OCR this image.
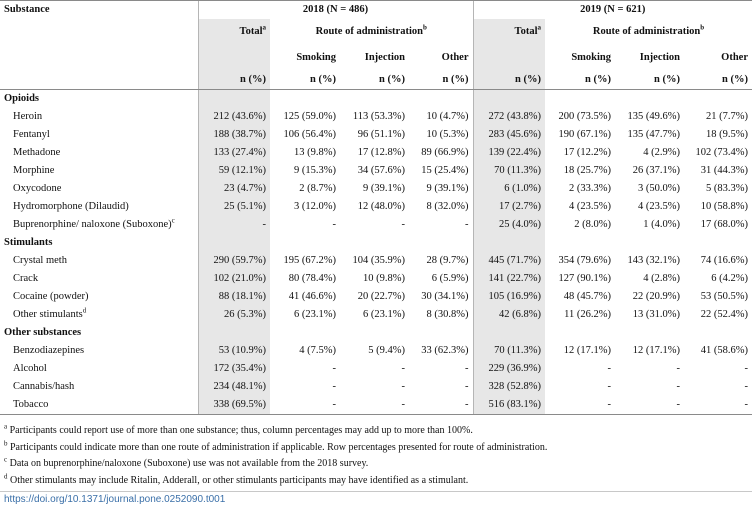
Substance	2018 (N = 486)				2019 (N = 621)			
	Total$^a$	Route of administration$^b$			Total$^a$	Route of administration$^b$
		Smoking	Injection	Other		Smoking	Injection	Other
	n (%)	n (%)	n (%)	n (%)	n (%)	n (%)	n (%)	n (%)
Opioids								
Heroin	212 (43.6%)	125 (59.0%)	113 (53.3%)	10 (4.7%)	272 (43.8%)	200 (73.5%)	135 (49.6%)	21 (7.7%)
Fentanyl	188 (38.7%)	106 (56.4%)	96 (51.1%)	10 (5.3%)	283 (45.6%)	190 (67.1%)	135 (47.7%)	18 (9.5%)
Methadone	133 (27.4%)	13 (9.8%)	17 (12.8%)	89 (66.9%)	139 (22.4%)	17 (12.2%)	4 (2.9%)	102 (73.4%)
Morphine	59 (12.1%)	9 (15.3%)	34 (57.6%)	15 (25.4%)	70 (11.3%)	18 (25.7%)	26 (37.1%)	31 (44.3%)
Oxycodone	23 (4.7%)	2 (8.7%)	9 (39.1%)	9 (39.1%)	6 (1.0%)	2 (33.3%)	3 (50.0%)	5 (83.3%)
Hydromorphone (Dilaudid)	25 (5.1%)	3 (12.0%)	12 (48.0%)	8 (32.0%)	17 (2.7%)	4 (23.5%)	4 (23.5%)	10 (58.8%)
Buprenorphine/ naloxone (Suboxone)$^c$	-	-	-	-	25 (4.0%)	2 (8.0%)	1 (4.0%)	17 (68.0%)
Stimulants								
Crystal meth	290 (59.7%)	195 (67.2%)	104 (35.9%)	28 (9.7%)	445 (71.7%)	354 (79.6%)	143 (32.1%)	74 (16.6%)
Crack	102 (21.0%)	80 (78.4%)	10 (9.8%)	6 (5.9%)	141 (22.7%)	127 (90.1%)	4 (2.8%)	6 (4.2%)
Cocaine (powder)	88 (18.1%)	41 (46.6%)	20 (22.7%)	30 (34.1%)	105 (16.9%)	48 (45.7%)	22 (20.9%)	53 (50.5%)
Other stimulants$^d$	26 (5.3%)	6 (23.1%)	6 (23.1%)	8 (30.8%)	42 (6.8%)	11 (26.2%)	13 (31.0%)	22 (52.4%)
Other substances								
Benzodiazepines	53 (10.9%)	4 (7.5%)	5 (9.4%)	33 (62.3%)	70 (11.3%)	12 (17.1%)	12 (17.1%)	41 (58.6%)
Alcohol	172 (35.4%)	-	-	-	229 (36.9%)	-	-	-
Cannabis/hash	234 (48.1%)	-	-	-	328 (52.8%)	-	-	-
Tobacco	338 (69.5%)	-	-	-	516 (83.1%)	-	-	-
$^a$ Participants could report use of more than one substance; thus, column percentages may add up to more than 100%.
$^b$ Participants could indicate more than one route of administration if applicable. Row percentages presented for route of administration.
$^c$ Data on buprenorphine/naloxone (Suboxone) use was not available from the 2018 survey.
$^d$ Other stimulants may include Ritalin, Adderall, or other stimulants participants may have identified as a stimulant.
https://doi.org/10.1371/journal.pone.0252090.t001
